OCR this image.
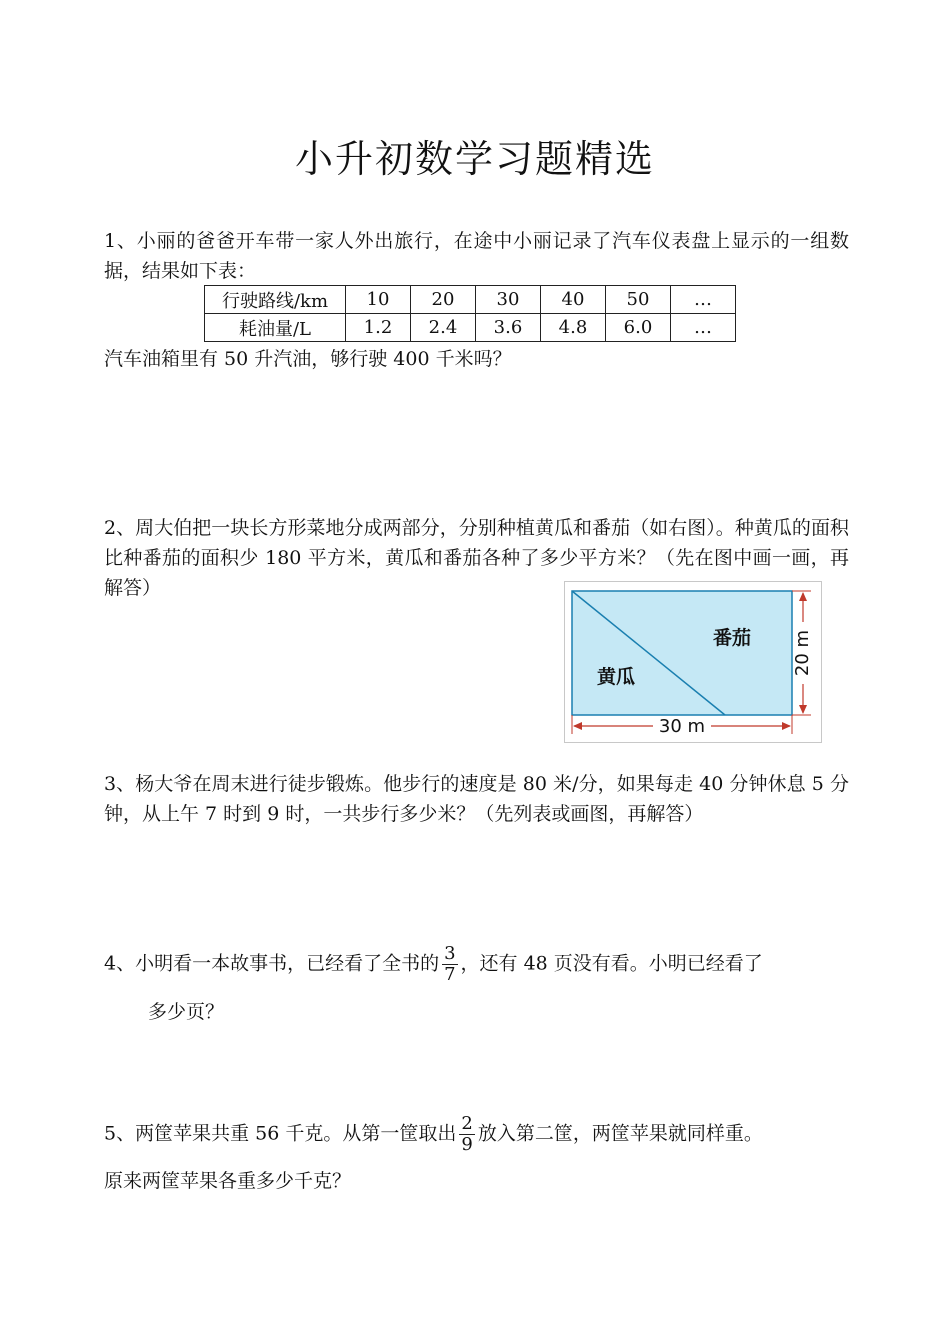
小升初数学习题精选
1、小丽的爸爸开车带一家人外出旅行，在途中小丽记录了汽车仪表盘上显示的一组数据，结果如下表：
行驶路线/km	10	20	30	40	50	…
耗油量/L	1.2	2.4	3.6	4.8	6.0	…
汽车油箱里有 50 升汽油，够行驶 400 千米吗？
2、周大伯把一块长方形菜地分成两部分，分别种植黄瓜和番茄（如右图）。种黄瓜的面积比种番茄的面积少 180 平方米，黄瓜和番茄各种了多少平方米？（先在图中画一画，再解答）
番茄
黄瓜
20 m
30 m
3、杨大爷在周末进行徒步锻炼。他步行的速度是 80 米/分，如果每走 40 分钟休息 5 分钟，从上午 7 时到 9 时，一共步行多少米？（先列表或画图，再解答）
4、小明看一本故事书，已经看了全书的 $\frac{3}{7}$ ，还有 48 页没有看。小明已经看了
多少页？
5、两筐苹果共重 56 千克。从第一筐取出 $\frac{2}{9}$ 放入第二筐，两筐苹果就同样重。
原来两筐苹果各重多少千克？
